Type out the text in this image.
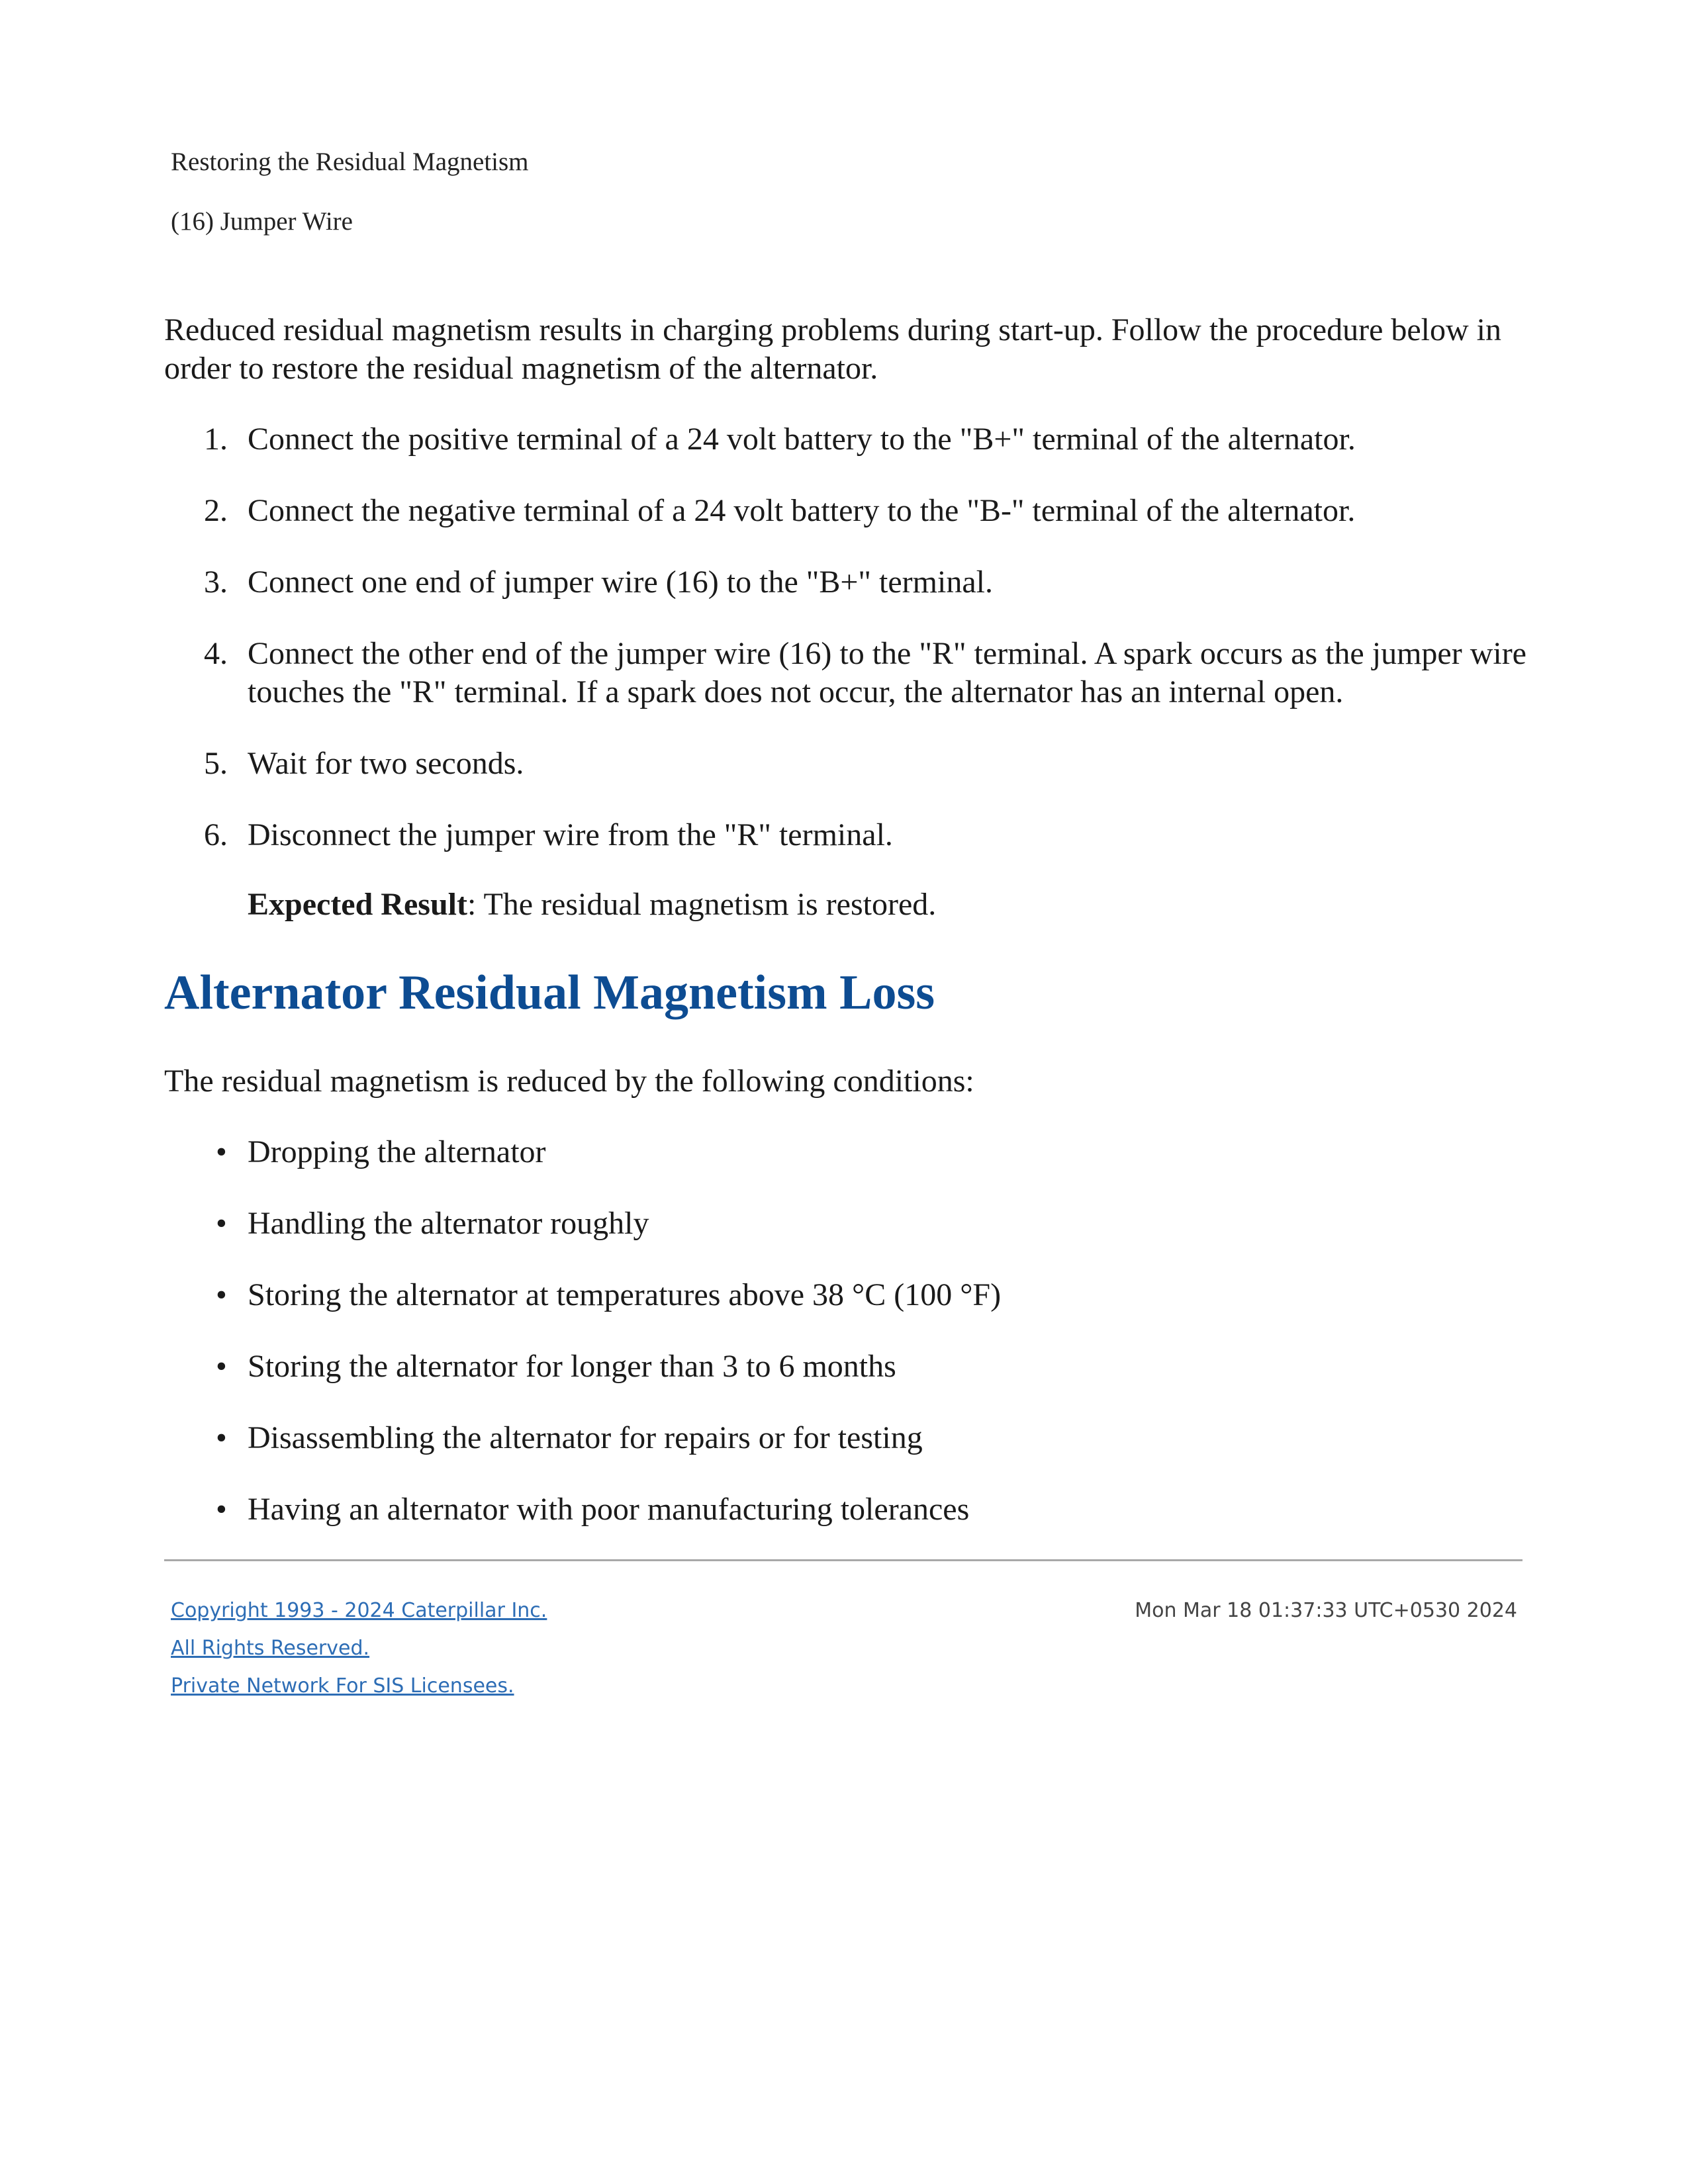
Restoring the Residual Magnetism
(16) Jumper Wire

Reduced residual magnetism results in charging problems during start-up. Follow the procedure below in order to restore the residual magnetism of the alternator.

1. Connect the positive terminal of a 24 volt battery to the "B+" terminal of the alternator.
2. Connect the negative terminal of a 24 volt battery to the "B-" terminal of the alternator.
3. Connect one end of jumper wire (16) to the "B+" terminal.
4. Connect the other end of the jumper wire (16) to the "R" terminal. A spark occurs as the jumper wire touches the "R" terminal. If a spark does not occur, the alternator has an internal open.
5. Wait for two seconds.
6. Disconnect the jumper wire from the "R" terminal.
Expected Result: The residual magnetism is restored.
Alternator Residual Magnetism Loss

The residual magnetism is reduced by the following conditions:

• Dropping the alternator
• Handling the alternator roughly
• Storing the alternator at temperatures above 38 °C (100 °F)
• Storing the alternator for longer than 3 to 6 months
• Disassembling the alternator for repairs or for testing
• Having an alternator with poor manufacturing tolerances
Copyright 1993 - 2024 Caterpillar Inc.
All Rights Reserved.
Private Network For SIS Licensees.
Mon Mar 18 01:37:33 UTC+0530 2024
